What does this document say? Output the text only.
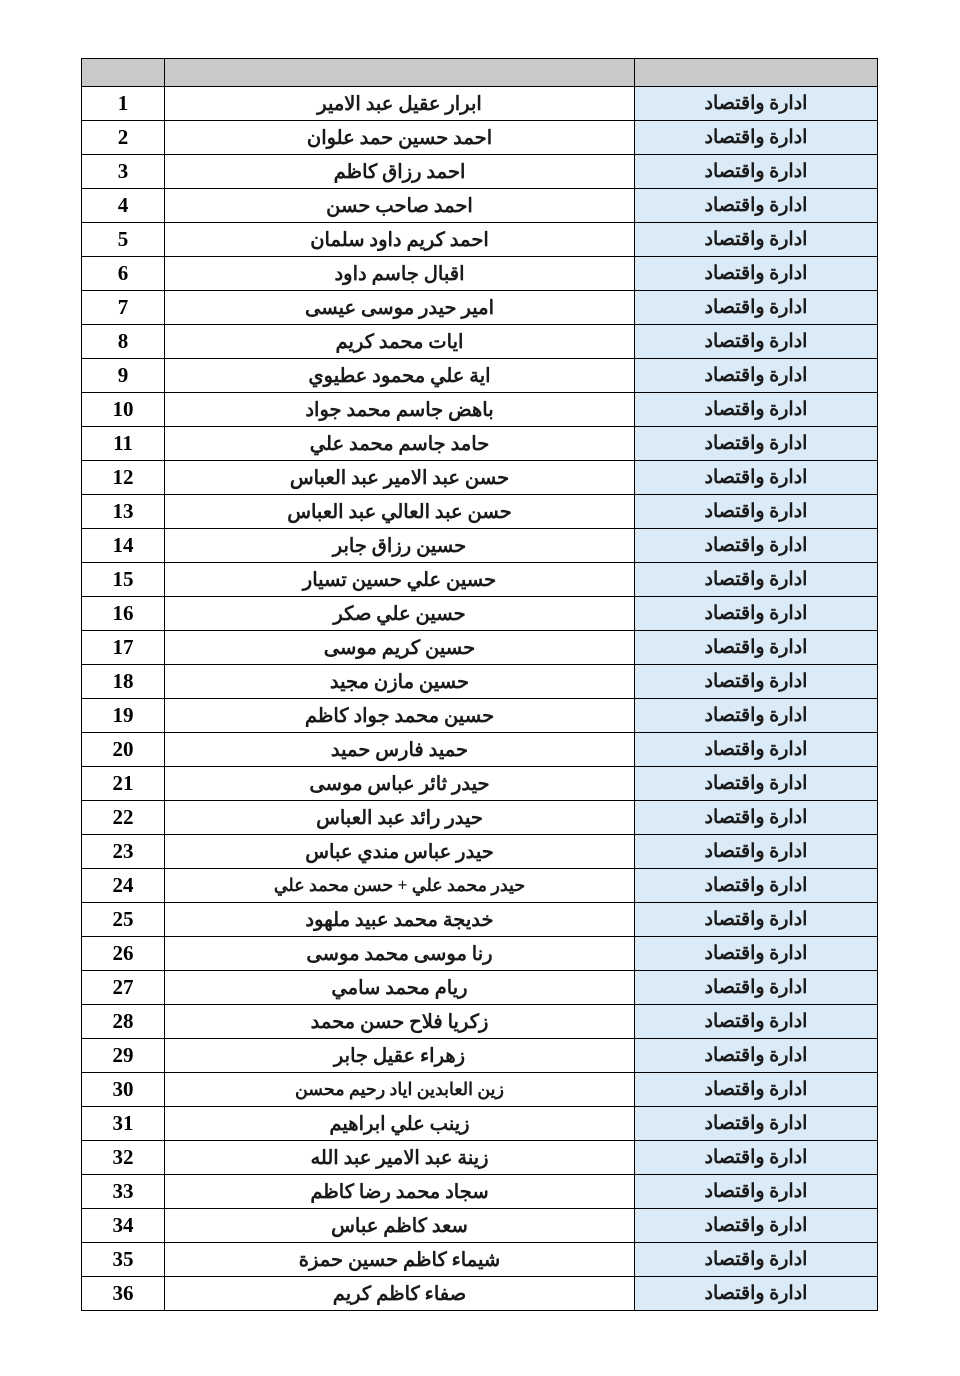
ادارة واقتصاد	ابرار عقيل عبد الامير	1
ادارة واقتصاد	احمد حسين حمد علوان	2
ادارة واقتصاد	احمد رزاق كاظم	3
ادارة واقتصاد	احمد صاحب حسن	4
ادارة واقتصاد	احمد كريم داود سلمان	5
ادارة واقتصاد	اقبال جاسم داود	6
ادارة واقتصاد	امير حيدر موسى عيسى	7
ادارة واقتصاد	ايات محمد كريم	8
ادارة واقتصاد	اية علي محمود عطيوي	9
ادارة واقتصاد	باهض جاسم محمد جواد	10
ادارة واقتصاد	حامد جاسم محمد علي	11
ادارة واقتصاد	حسن عبد الامير عبد العباس	12
ادارة واقتصاد	حسن عبد العالي عبد العباس	13
ادارة واقتصاد	حسين رزاق جابر	14
ادارة واقتصاد	حسين علي حسين تسيار	15
ادارة واقتصاد	حسين علي صكر	16
ادارة واقتصاد	حسين كريم موسى	17
ادارة واقتصاد	حسين مازن مجيد	18
ادارة واقتصاد	حسين محمد جواد كاظم	19
ادارة واقتصاد	حميد فارس حميد	20
ادارة واقتصاد	حيدر ثائر عباس موسى	21
ادارة واقتصاد	حيدر رائد عبد العباس	22
ادارة واقتصاد	حيدر عباس مندي عباس	23
ادارة واقتصاد	حيدر محمد علي + حسن محمد علي	24
ادارة واقتصاد	خديجة محمد عبيد ملهود	25
ادارة واقتصاد	رنا موسى محمد موسى	26
ادارة واقتصاد	ريام محمد سامي	27
ادارة واقتصاد	زكريا فلاح حسن محمد	28
ادارة واقتصاد	زهراء عقيل جابر	29
ادارة واقتصاد	زين العابدين اياد رحيم محسن	30
ادارة واقتصاد	زينب علي ابراهيم	31
ادارة واقتصاد	زينة عبد الامير عبد الله	32
ادارة واقتصاد	سجاد محمد رضا كاظم	33
ادارة واقتصاد	سعد كاظم عباس	34
ادارة واقتصاد	شيماء كاظم حسين حمزة	35
ادارة واقتصاد	صفاء كاظم كريم	36
